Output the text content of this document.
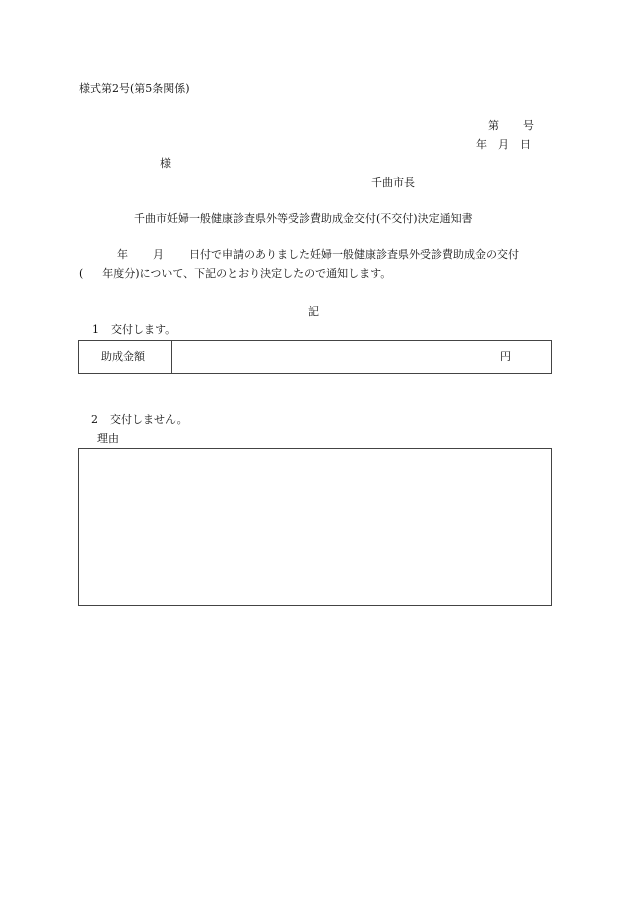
様式第2号(第5条関係)
第 号
年 月 日
様
千曲市長
千曲市妊婦一般健康診査県外等受診費助成金交付(不交付)決定通知書
年 月 日付で申請のありました妊婦一般健康診査県外受診費助成金の交付
( 年度分)について、下記のとおり決定したので通知します。
記
1 交付します。
助成金額	円
2 交付しません。
理由
